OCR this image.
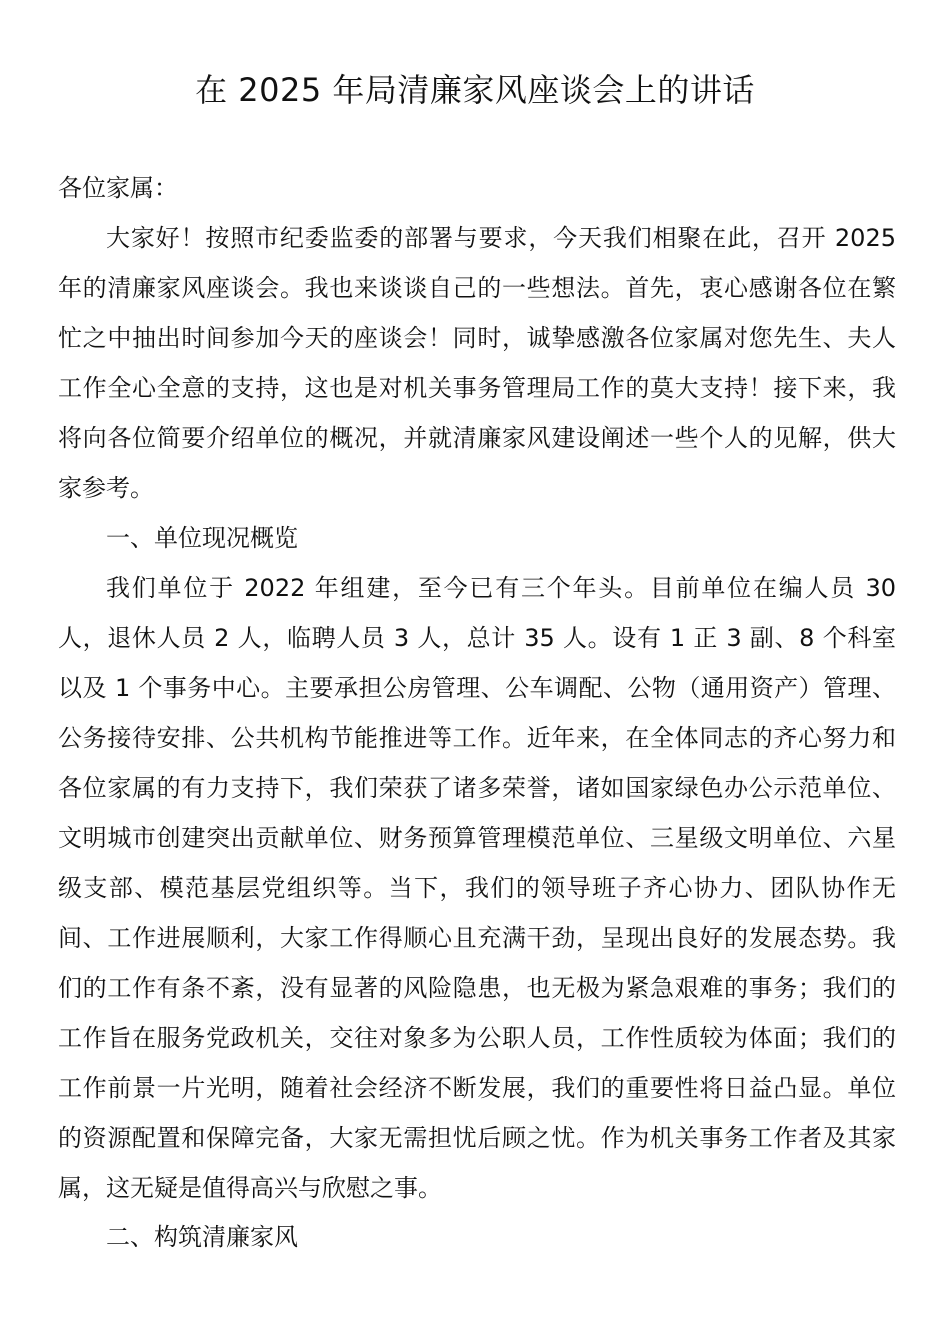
在 2025 年局清廉家风座谈会上的讲话
各位家属：

大家好！按照市纪委监委的部署与要求，今天我们相聚在此，召开 2025 年的清廉家风座谈会。我也来谈谈自己的一些想法。首先，衷心感谢各位在繁忙之中抽出时间参加今天的座谈会！同时，诚挚感激各位家属对您先生、夫人工作全心全意的支持，这也是对机关事务管理局工作的莫大支持！接下来，我将向各位简要介绍单位的概况，并就清廉家风建设阐述一些个人的见解，供大家参考。

一、单位现况概览

我们单位于 2022 年组建，至今已有三个年头。目前单位在编人员 30 人，退休人员 2 人，临聘人员 3 人，总计 35 人。设有 1 正 3 副、8 个科室以及 1 个事务中心。主要承担公房管理、公车调配、公物（通用资产）管理、公务接待安排、公共机构节能推进等工作。近年来，在全体同志的齐心努力和各位家属的有力支持下，我们荣获了诸多荣誉，诸如国家绿色办公示范单位、文明城市创建突出贡献单位、财务预算管理模范单位、三星级文明单位、六星级支部、模范基层党组织等。当下，我们的领导班子齐心协力、团队协作无间、工作进展顺利，大家工作得顺心且充满干劲，呈现出良好的发展态势。我们的工作有条不紊，没有显著的风险隐患，也无极为紧急艰难的事务；我们的工作旨在服务党政机关，交往对象多为公职人员，工作性质较为体面；我们的工作前景一片光明，随着社会经济不断发展，我们的重要性将日益凸显。单位的资源配置和保障完备，大家无需担忧后顾之忧。作为机关事务工作者及其家属，这无疑是值得高兴与欣慰之事。

二、构筑清廉家风
